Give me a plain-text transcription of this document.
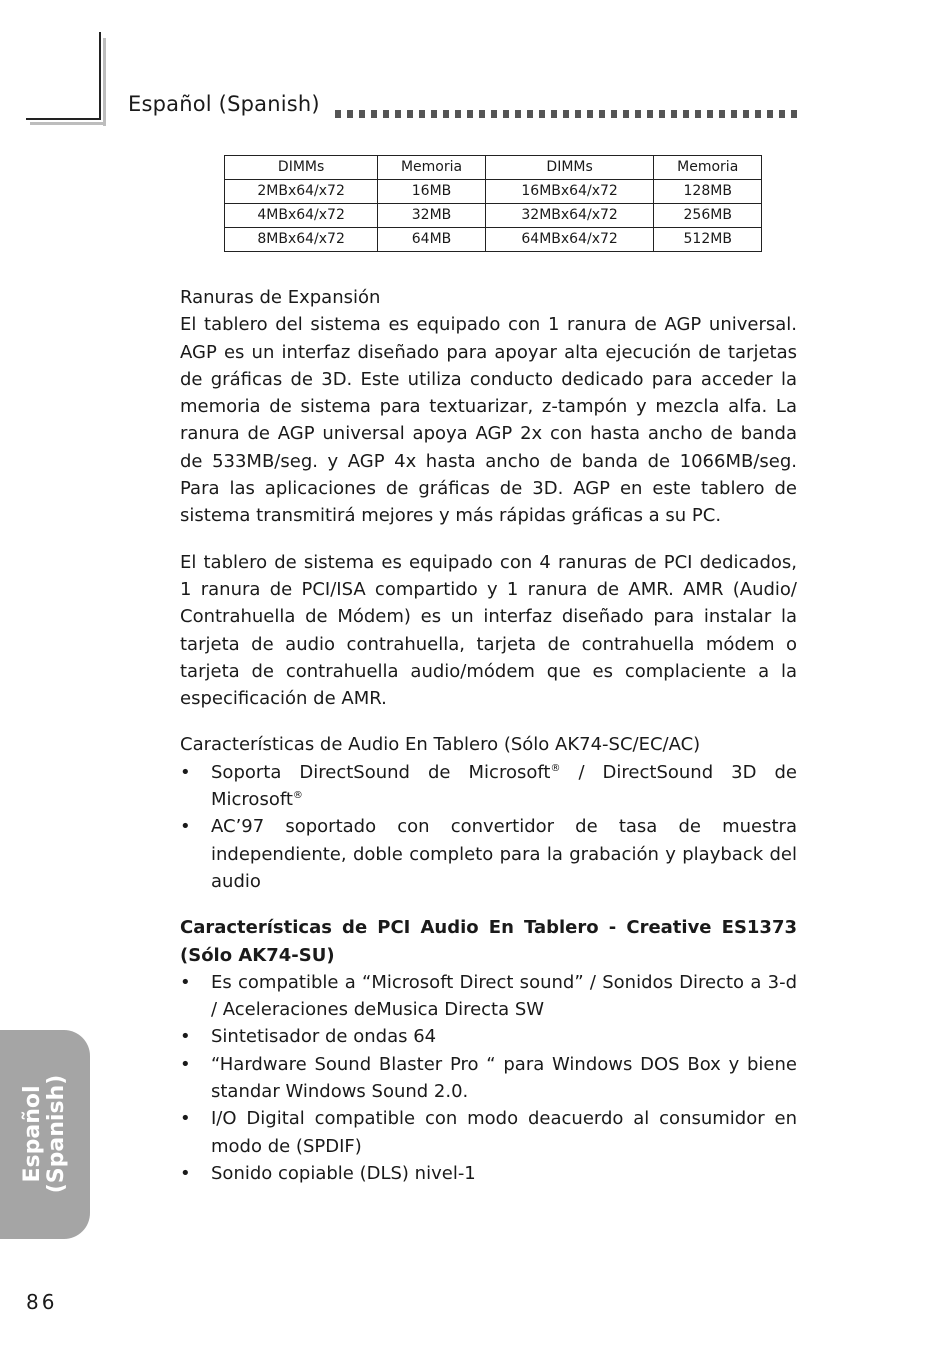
Español (Spanish)
DIMMs	Memoria	DIMMs	Memoria
2MBx64/x72	16MB	16MBx64/x72	128MB
4MBx64/x72	32MB	32MBx64/x72	256MB
8MBx64/x72	64MB	64MBx64/x72	512MB

Ranuras de Expansión

El tablero del sistema es equipado con 1 ranura de AGP universal. AGP es un interfaz diseñado para apoyar alta ejecución de tarjetas de gráficas de 3D. Este utiliza conducto dedicado para acceder la memoria de sistema para textuarizar, z-tampón y mezcla alfa. La ranura de AGP universal apoya AGP 2x con hasta ancho de banda de 533MB/seg. y AGP 4x hasta ancho de banda de 1066MB/seg. Para las aplicaciones de gráficas de 3D. AGP en este tablero de sistema transmitirá mejores y más rápidas gráficas a su PC.

El tablero de sistema es equipado con 4 ranuras de PCI dedicados, 1 ranura de PCI/ISA compartido y 1 ranura de AMR. AMR (Audio/ Contrahuella de Módem) es un interfaz diseñado para instalar la tarjeta de audio contrahuella, tarjeta de contrahuella módem o tarjeta de contrahuella audio/módem que es complaciente a la especificación de AMR.

Características de Audio En Tablero (Sólo AK74-SC/EC/AC)

• Soporta DirectSound de Microsoft® / DirectSound 3D de Microsoft®
• AC’97 soportado con convertidor de tasa de muestra independiente, doble completo para la grabación y playback del audio

Características de PCI Audio En Tablero - Creative ES1373 (Sólo AK74-SU)

• Es compatible a “Microsoft Direct sound” / Sonidos Directo a 3-d / Aceleraciones deMusica Directa SW
• Sintetisador de ondas 64
• “Hardware Sound Blaster Pro “ para Windows DOS Box y biene standar Windows Sound 2.0.
• I/O Digital compatible con modo deacuerdo al consumidor en modo de (SPDIF)
• Sonido copiable (DLS) nivel-1
Español (Spanish)
86
